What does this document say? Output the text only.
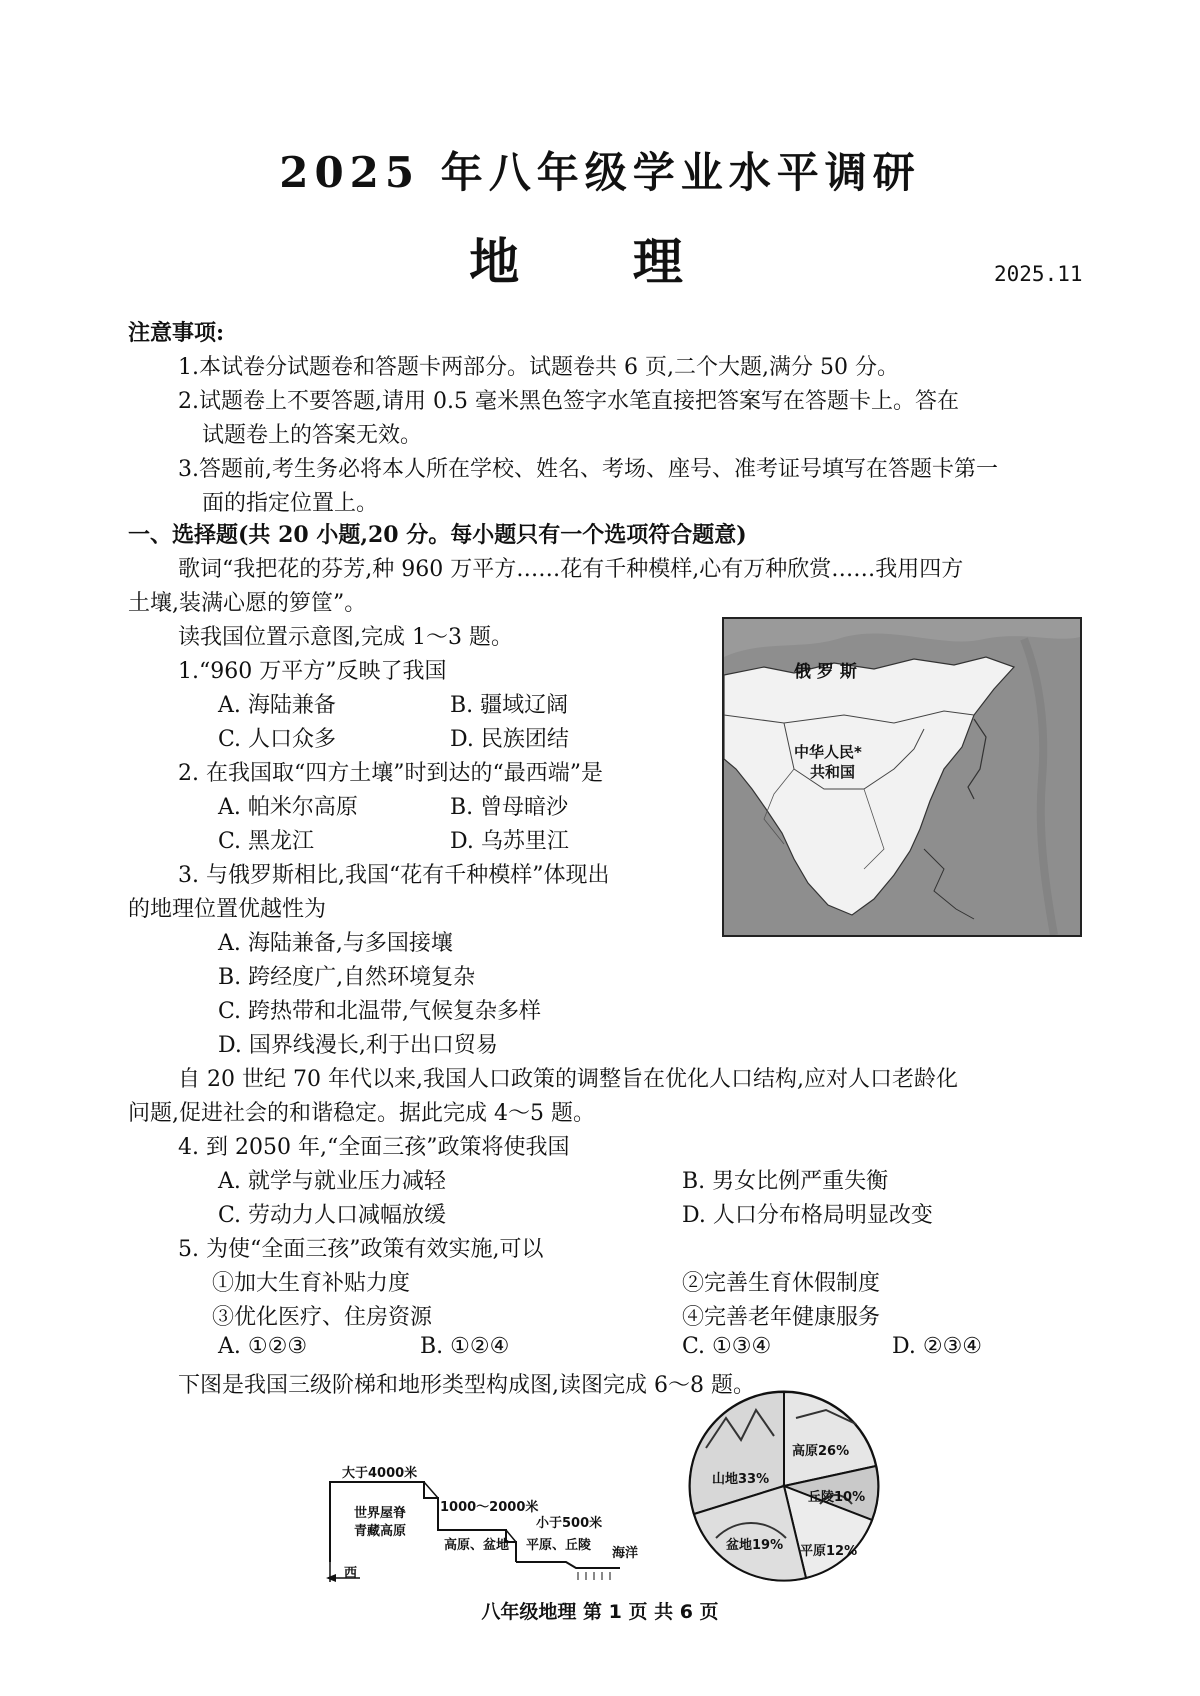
2025 年八年级学业水平调研
地 理	2025.11
注意事项:
1.本试卷分试题卷和答题卡两部分。试题卷共 6 页,二个大题,满分 50 分。
2.试题卷上不要答题,请用 0.5 毫米黑色签字水笔直接把答案写在答题卡上。答在
试题卷上的答案无效。
3.答题前,考生务必将本人所在学校、姓名、考场、座号、准考证号填写在答题卡第一
面的指定位置上。
一、选择题(共 20 小题,20 分。每小题只有一个选项符合题意)
歌词“我把花的芬芳,种 960 万平方……花有千种模样,心有万种欣赏……我用四方
土壤,装满心愿的箩筐”。
读我国位置示意图,完成 1～3 题。
1.“960 万平方”反映了我国
A. 海陆兼备	B. 疆域辽阔
C. 人口众多	D. 民族团结
2. 在我国取“四方土壤”时到达的“最西端”是
A. 帕米尔高原	B. 曾母暗沙
C. 黑龙江	D. 乌苏里江
3. 与俄罗斯相比,我国“花有千种模样”体现出
的地理位置优越性为
A. 海陆兼备,与多国接壤
B. 跨经度广,自然环境复杂
C. 跨热带和北温带,气候复杂多样
D. 国界线漫长,利于出口贸易
自 20 世纪 70 年代以来,我国人口政策的调整旨在优化人口结构,应对人口老龄化
问题,促进社会的和谐稳定。据此完成 4～5 题。
4. 到 2050 年,“全面三孩”政策将使我国
A. 就学与就业压力减轻	B. 男女比例严重失衡
C. 劳动力人口减幅放缓	D. 人口分布格局明显改变
5. 为使“全面三孩”政策有效实施,可以
①加大生育补贴力度	②完善生育休假制度
③优化医疗、住房资源	④完善老年健康服务
A. ①②③	B. ①②④	C. ①③④	D. ②③④
下图是我国三级阶梯和地形类型构成图,读图完成 6～8 题。
俄 罗 斯
中华人民*
共和国
大于4000米
世界屋脊
青藏高原
1000～2000米
高原、盆地
小于500米
平原、丘陵
海洋
西
山地33%
高原26%
丘陵10%
盆地19% 平原12%
八年级地理 第 1 页 共 6 页
